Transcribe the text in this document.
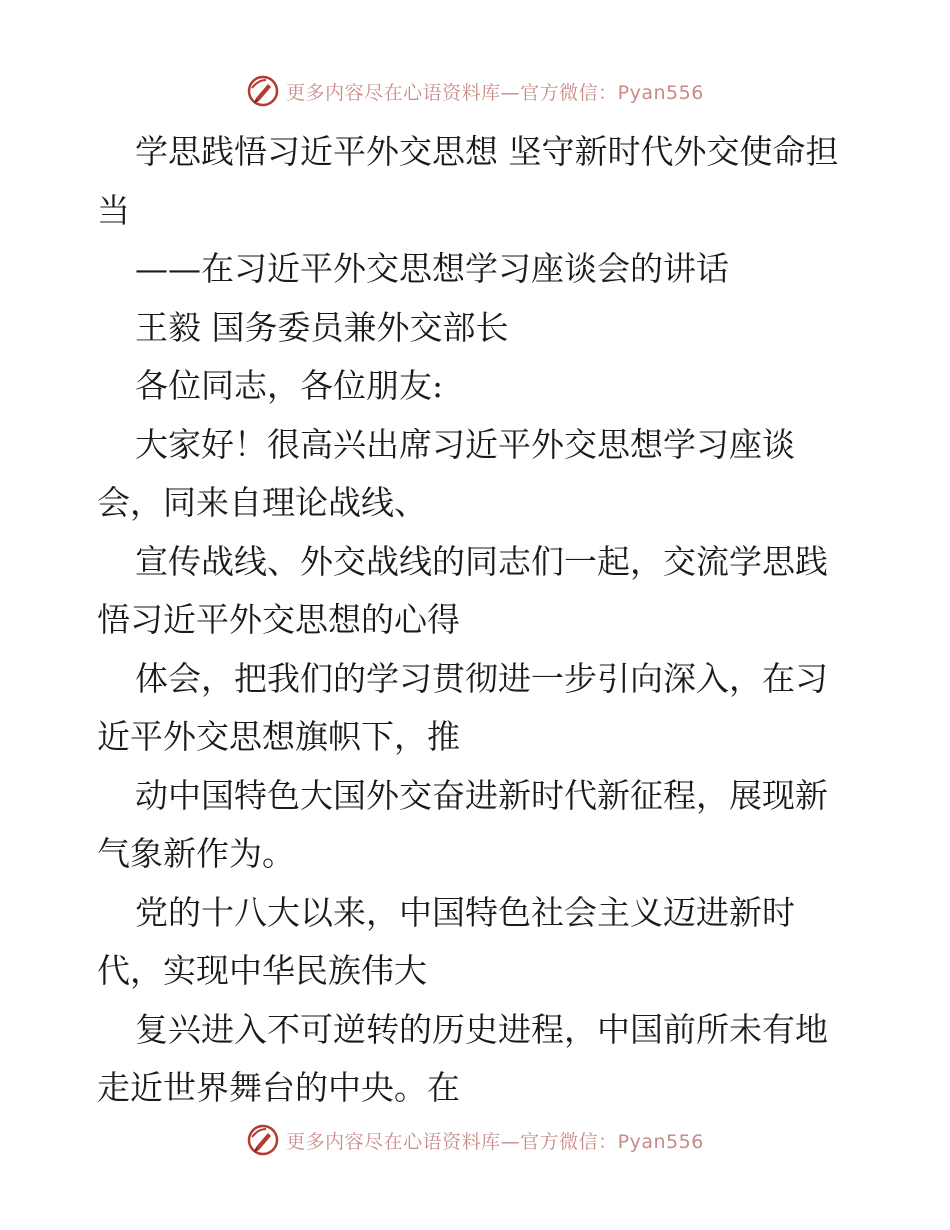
更多内容尽在心语资料库—官方微信：Pyan556

学思践悟习近平外交思想 坚守新时代外交使命担当

——在习近平外交思想学习座谈会的讲话

王毅 国务委员兼外交部长

各位同志，各位朋友:

大家好！很高兴出席习近平外交思想学习座谈会，同来自理论战线、

宣传战线、外交战线的同志们一起，交流学思践悟习近平外交思想的心得

体会，把我们的学习贯彻进一步引向深入，在习近平外交思想旗帜下，推

动中国特色大国外交奋进新时代新征程，展现新气象新作为。

党的十八大以来，中国特色社会主义迈进新时代，实现中华民族伟大

复兴进入不可逆转的历史进程，中国前所未有地走近世界舞台的中央。在

更多内容尽在心语资料库—官方微信：Pyan556
